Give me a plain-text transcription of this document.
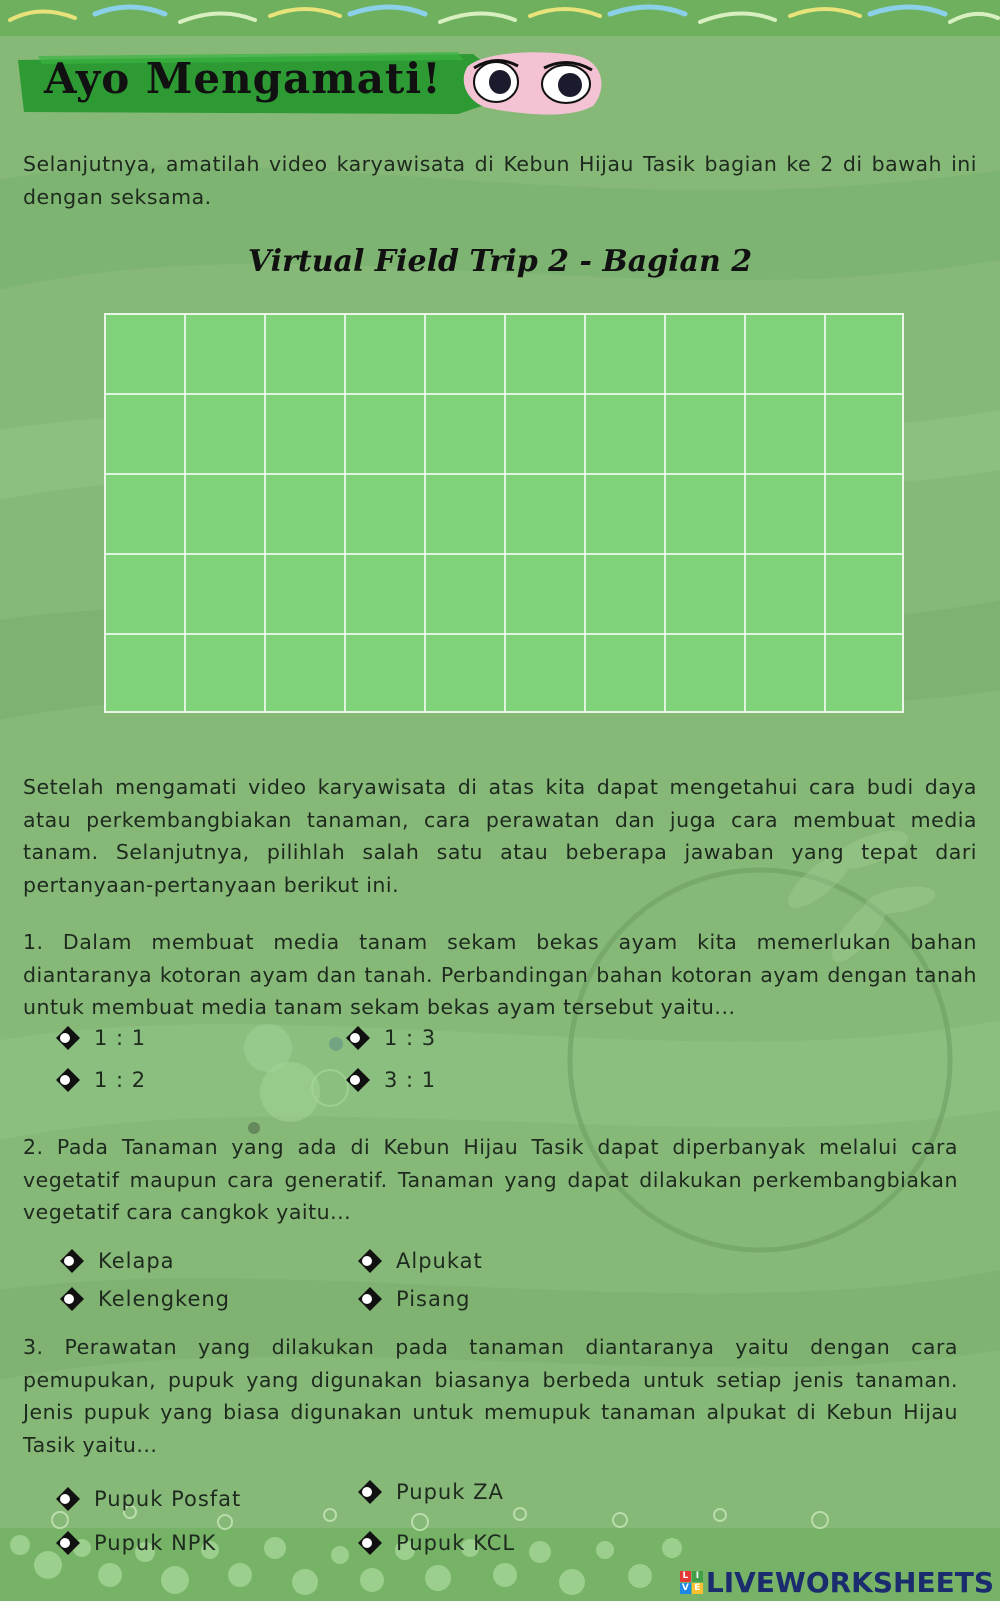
Ayo Mengamati!

Selanjutnya, amatilah video karyawisata di Kebun Hijau Tasik bagian ke 2 di bawah ini dengan seksama.

Virtual Field Trip 2 - Bagian 2

Setelah mengamati video karyawisata di atas kita dapat mengetahui cara budi daya atau perkembangbiakan tanaman, cara perawatan dan juga cara membuat media tanam. Selanjutnya, pilihlah salah satu atau beberapa jawaban yang tepat dari pertanyaan-pertanyaan berikut ini.

1. Dalam membuat media tanam sekam bekas ayam kita memerlukan bahan diantaranya kotoran ayam dan tanah. Perbandingan bahan kotoran ayam dengan tanah untuk membuat media tanam sekam bekas ayam tersebut yaitu...

1 : 1	1 : 3
1 : 2	3 : 1

2. Pada Tanaman yang ada di Kebun Hijau Tasik dapat diperbanyak melalui cara vegetatif maupun cara generatif. Tanaman yang dapat dilakukan perkembangbiakan vegetatif cara cangkok yaitu...

Kelapa	Alpukat
Kelengkeng	Pisang

3. Perawatan yang dilakukan pada tanaman diantaranya yaitu dengan cara pemupukan, pupuk yang digunakan biasanya berbeda untuk setiap jenis tanaman. Jenis pupuk yang biasa digunakan untuk memupuk tanaman alpukat di Kebun Hijau Tasik yaitu...

Pupuk Posfat	Pupuk ZA
Pupuk NPK	Pupuk KCL
L I
V E LIVEWORKSHEETS
